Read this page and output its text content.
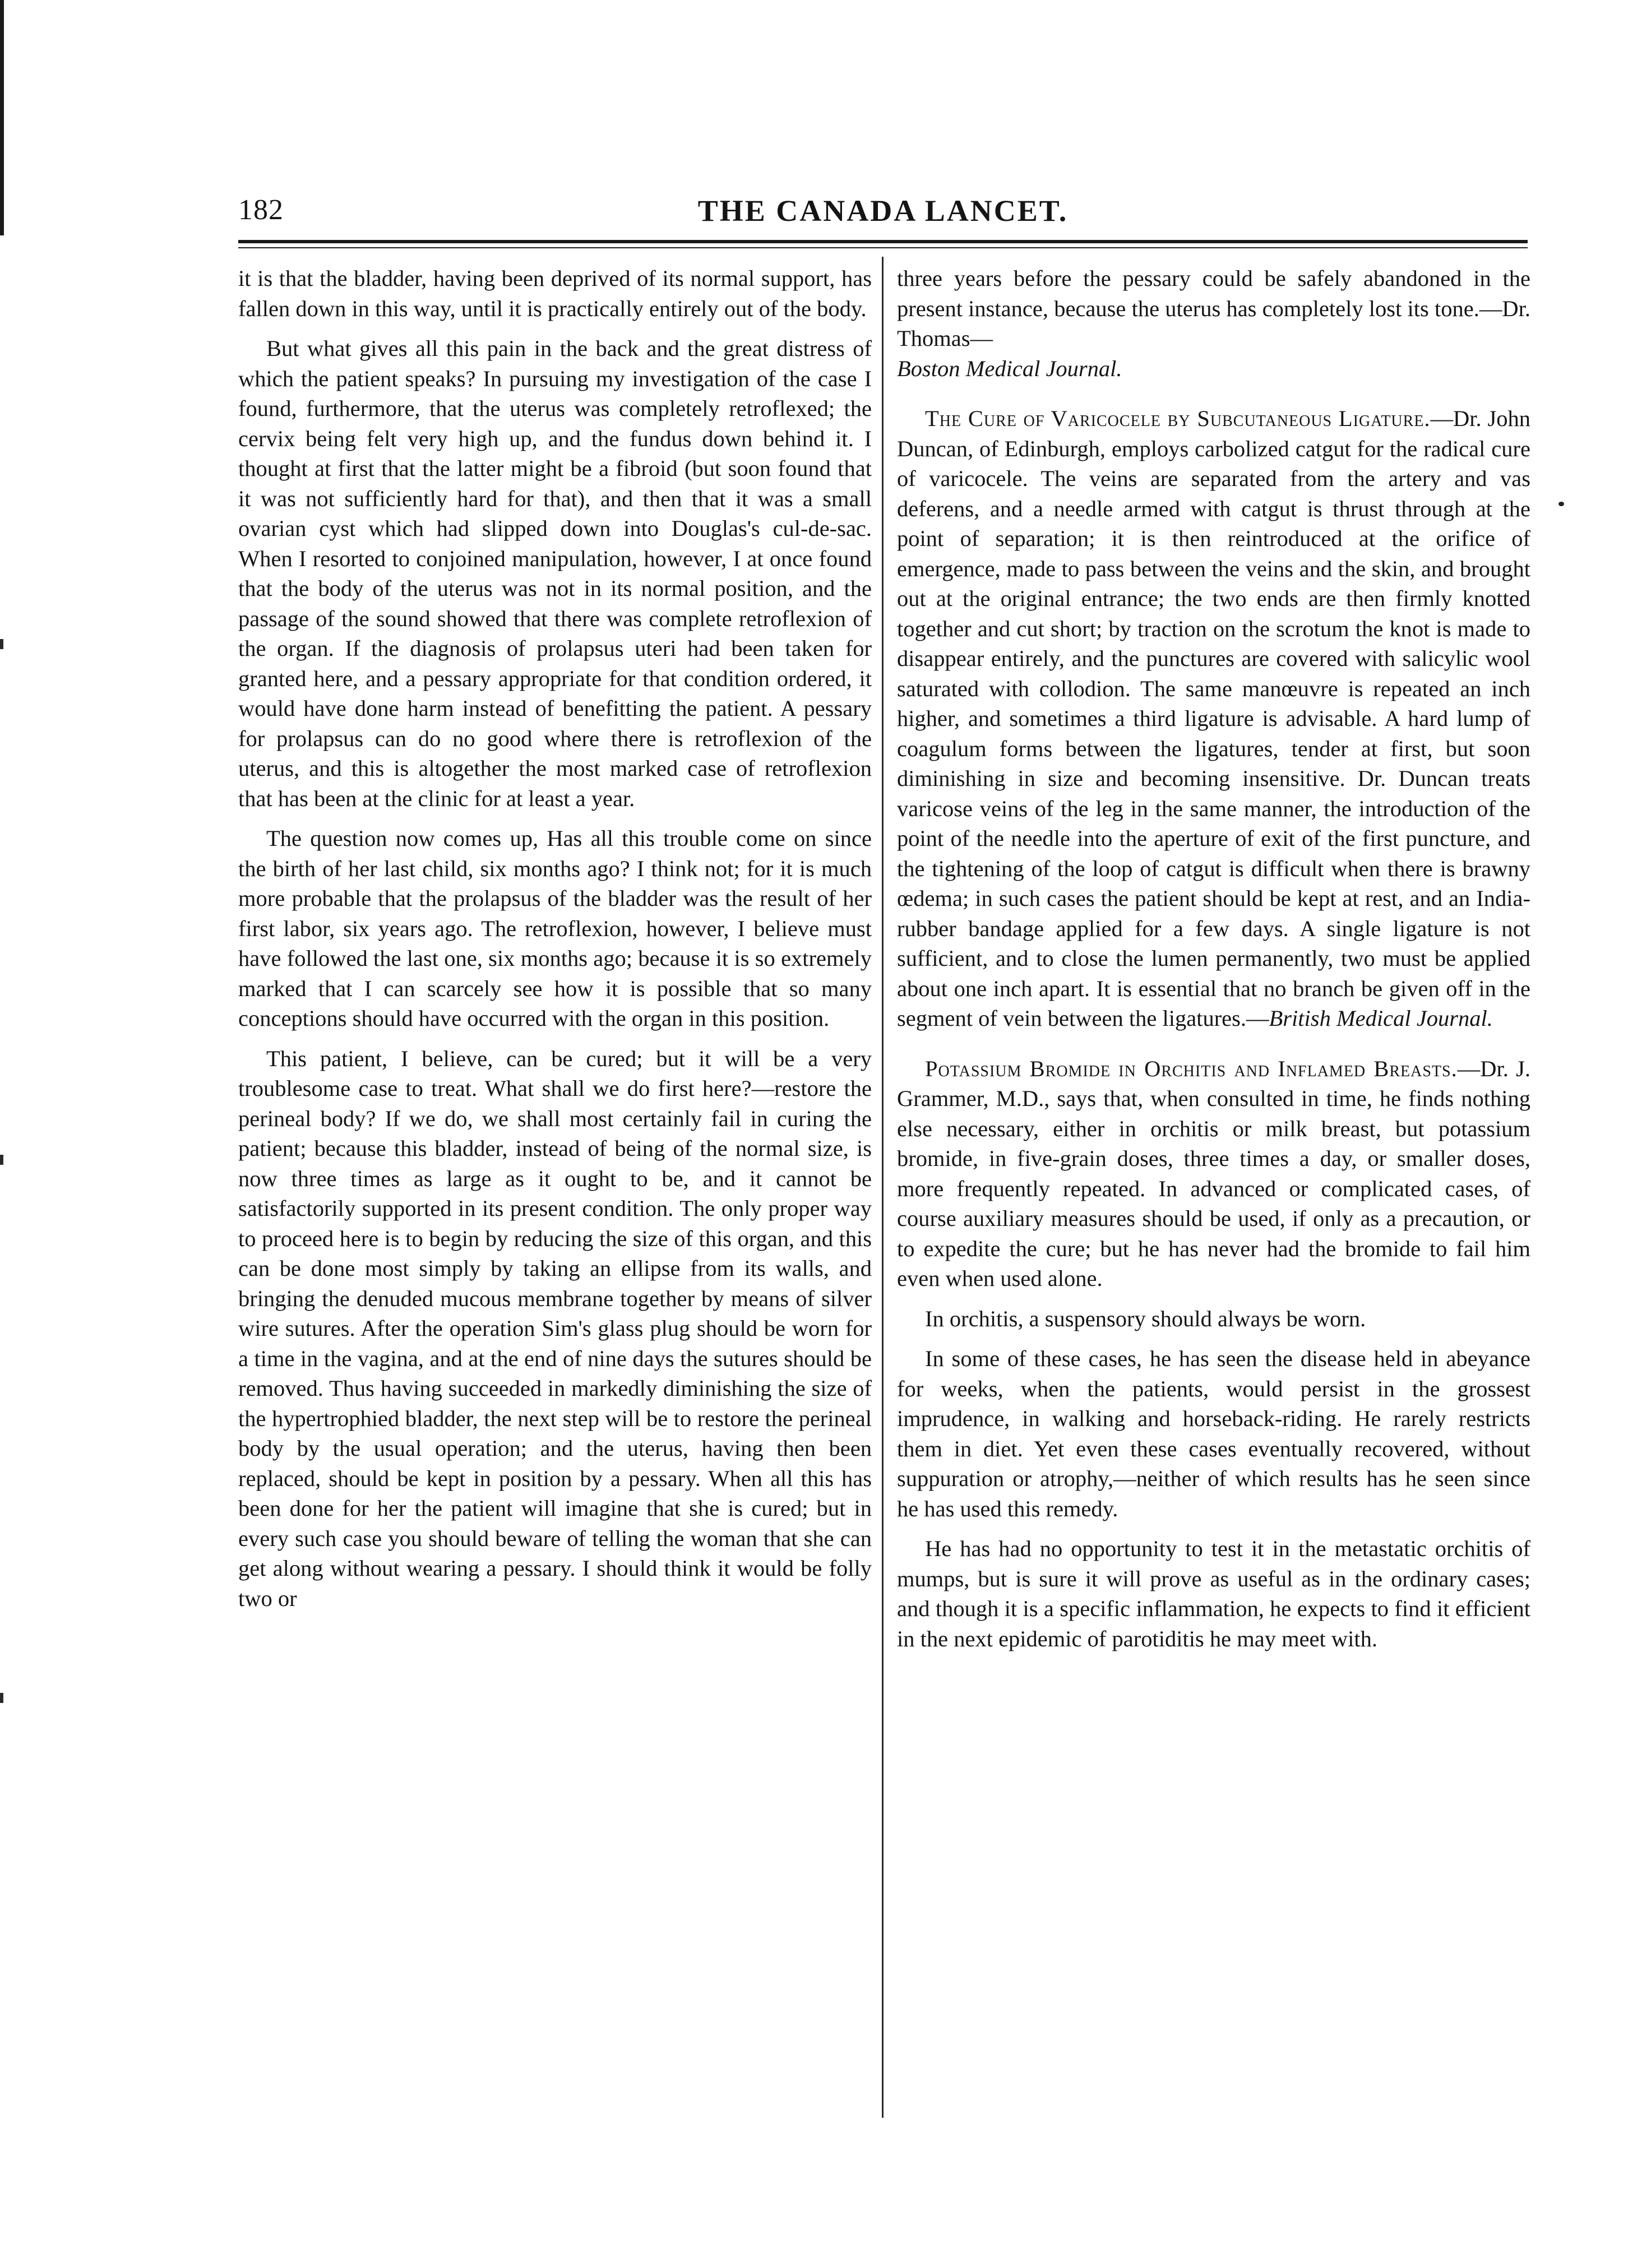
182	THE CANADA LANCET.

it is that the bladder, having been deprived of its normal support, has fallen down in this way, until it is practically entirely out of the body.

But what gives all this pain in the back and the great distress of which the patient speaks? In pursuing my investigation of the case I found, furthermore, that the uterus was completely retroflexed; the cervix being felt very high up, and the fundus down behind it. I thought at first that the latter might be a fibroid (but soon found that it was not sufficiently hard for that), and then that it was a small ovarian cyst which had slipped down into Douglas's cul-de-sac. When I resorted to conjoined manipulation, however, I at once found that the body of the uterus was not in its normal position, and the passage of the sound showed that there was complete retroflexion of the organ. If the diagnosis of prolapsus uteri had been taken for granted here, and a pessary appropriate for that condition ordered, it would have done harm instead of benefitting the patient. A pessary for prolapsus can do no good where there is retroflexion of the uterus, and this is altogether the most marked case of retroflexion that has been at the clinic for at least a year.

The question now comes up, Has all this trouble come on since the birth of her last child, six months ago? I think not; for it is much more probable that the prolapsus of the bladder was the result of her first labor, six years ago. The retroflexion, however, I believe must have followed the last one, six months ago; because it is so extremely marked that I can scarcely see how it is possible that so many conceptions should have occurred with the organ in this position.

This patient, I believe, can be cured; but it will be a very troublesome case to treat. What shall we do first here?—restore the perineal body? If we do, we shall most certainly fail in curing the patient; because this bladder, instead of being of the normal size, is now three times as large as it ought to be, and it cannot be satisfactorily supported in its present condition. The only proper way to proceed here is to begin by reducing the size of this organ, and this can be done most simply by taking an ellipse from its walls, and bringing the denuded mucous membrane together by means of silver wire sutures. After the operation Sim's glass plug should be worn for a time in the vagina, and at the end of nine days the sutures should be removed. Thus having succeeded in markedly diminishing the size of the hypertrophied bladder, the next step will be to restore the perineal body by the usual operation; and the uterus, having then been replaced, should be kept in position by a pessary. When all this has been done for her the patient will imagine that she is cured; but in every such case you should beware of telling the woman that she can get along without wearing a pessary. I should think it would be folly two or

three years before the pessary could be safely abandoned in the present instance, because the uterus has completely lost its tone.—Dr. Thomas—
Boston Medical Journal.

The Cure of Varicocele by Subcutaneous Ligature.—Dr. John Duncan, of Edinburgh, employs carbolized catgut for the radical cure of varicocele. The veins are separated from the artery and vas deferens, and a needle armed with catgut is thrust through at the point of separation; it is then reintroduced at the orifice of emergence, made to pass between the veins and the skin, and brought out at the original entrance; the two ends are then firmly knotted together and cut short; by traction on the scrotum the knot is made to disappear entirely, and the punctures are covered with salicylic wool saturated with collodion. The same manœuvre is repeated an inch higher, and sometimes a third ligature is advisable. A hard lump of coagulum forms between the ligatures, tender at first, but soon diminishing in size and becoming insensitive. Dr. Duncan treats varicose veins of the leg in the same manner, the introduction of the point of the needle into the aperture of exit of the first puncture, and the tightening of the loop of catgut is difficult when there is brawny œdema; in such cases the patient should be kept at rest, and an India-rubber bandage applied for a few days. A single ligature is not sufficient, and to close the lumen permanently, two must be applied about one inch apart. It is essential that no branch be given off in the segment of vein between the ligatures.—British Medical Journal.

Potassium Bromide in Orchitis and Inflamed Breasts.—Dr. J. Grammer, M.D., says that, when consulted in time, he finds nothing else necessary, either in orchitis or milk breast, but potassium bromide, in five-grain doses, three times a day, or smaller doses, more frequently repeated. In advanced or complicated cases, of course auxiliary measures should be used, if only as a precaution, or to expedite the cure; but he has never had the bromide to fail him even when used alone.

In orchitis, a suspensory should always be worn.

In some of these cases, he has seen the disease held in abeyance for weeks, when the patients, would persist in the grossest imprudence, in walking and horseback-riding. He rarely restricts them in diet. Yet even these cases eventually recovered, without suppuration or atrophy,—neither of which results has he seen since he has used this remedy.

He has had no opportunity to test it in the metastatic orchitis of mumps, but is sure it will prove as useful as in the ordinary cases; and though it is a specific inflammation, he expects to find it efficient in the next epidemic of parotiditis he may meet with.
